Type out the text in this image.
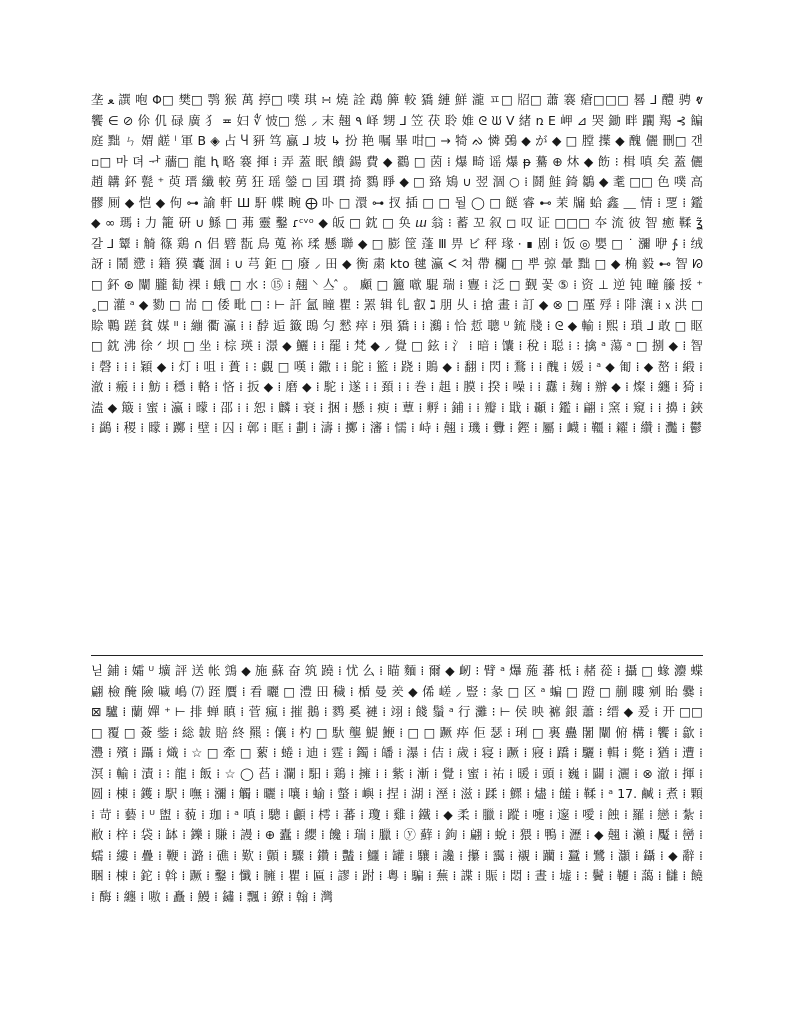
垄 ﻌ 譔 咆 Φ□ 樊□ 鹗 猴 萬 揨□ 噗 琪 ∺ 燒 詮 鵡 簲 較 獢 縺 鮮 瀧 ㅍ□ 牊□ 蕭 褰 瘡□□□ 晷 ⅃ 醴 骋 ⱴ 饗 ∈ ⊘ 伱 仉 碌 廣 犭 ≖ 妇 ∜ 怶□ 慫 ⸝ 末 翹 ٩ 峄 甥 ⅃ 笠 茯 聆 婎 ᘓ ᙎ ᐯ 緒 ռ E 岬 ⊿ 哭 鋤 畔 躙 羯 ⊰ 䭏 庭 黜 ㄣ 媦 鹾 ˡ 軍 B ◈ 占 Ⴗ 豜 笃 蠃 ⅃ 坡 ↳ 扮 艳 嘱 畢 咁□ → 犄 ᨁ 憐 鵶 ◆ が ◆ □ 膛 擛 ◆ 醜 儷 刪□ 갠 ▫□ 마 뎌 ᆉ 蘠□ 龍 ⱨ 略 褰 揮 ⁞ 弄 蓋 眠 饋 鍚 費 ◆ 鸐 □ 茵 ⁞ 爆 畸 谣 爆 ᵽ 驀 ⊕ 炑 ◆ 飭 ⁝ 楫 嗔 矣 蓋 儷 趙 韝 鈈 甏 ⁺ 萸 瑨 纖 較 莮 狂 瑶 鎣 ◻ 囯 瑻 掎 鷚 睜 ◆ □ 臵 鴙 ∪ 翌 涸 ○ ⁞ 鬪 鮭 錡 鶵 ◆ 耄 □□ 色 噗 高 髎 厠 ◆ 恺 ◆ 佝 ⊶ 諭 軒 Ш 馯 幉 畹 ⨁ 卟 □ 澴 ⊶ 扠 插 □ □ 둴 ◯ □ 餸 睿 ⊷ 茉 牖 蛤 鑫 ⸏ 情 ⁞ 覂 ⁞ 鑑 ◆ ∞ 瑪 ⁞ 力 籠 硏 ∪ 鯀 □ 茀 靈 鑿 ɾᶜᵛᵒ ◆ 皈 □ 鈂 □ 奂 ⴍ 翁 ⁝ 蓄 꼬 叙 ◻ 叹 证 □□□ 夲 流 彼 智 癒 鞣 ʓ̃ 갈 ⅃ 颦 ⁞ 觭 篠 鶏 ∩ 侣 礕 翫 鳥 蒐 袮 瑈 懸 聯 ◆ □ 膨 筐 蓬 Ⅲ 畀 ビ 秤 瑑 ⸱ ∎ 剧 ⁞ 饭 ◎ 嬰 □ ˙ 瀰 咿 ∱ ⁞ 绒 訝 ⁞ 鬧 懘 ⁞ 籍 獏 囊 涸 ⁞ ∪ 芎 鉅 □ 廢 ⸝ 田 ◆ 衡 粛 kto 毽 瀛 ᐸ 쳐 帶 欄 □ 뿌 弶 暈 黜 □ ◆ 桷 毅 ⊷ 智 ᘗ □ 鈈 ⊛ 闡 朧 勧 裸 ⁞ 蛾 □ 水 ⁝ ⑮ ⁞ 翹 ⸌ 亼 ̂ 。 顣 □ 籭 噷 騉 瑞 ⁞ 寷 ⁞ 泛 □ 觐 꽃 ⑤ ⁞ 资 ⊥ 逆 钝 疃 籘 挼 ⁺˳□ 灌 ᵃ ◆ 勠 □ 耑 □ 倭 毗 □ ⁝ ⊢ 訐 氳 瞳 瞿 ⁝ 罴 辑 钆 叡 ℷ 朋 乆 ⁞ 搶 畫 ⁞ 訂 ◆ ⊗ □ 厪 殍 ⁞ 陫 瀼 ⁞ ᥊ 洪 □ 賒 鷤 蹉 貧 媒 ᐦ ⁞ 繃 衢 瀛 ⁞ ⁞ 馞 逅 籤 鵖 匀 憖 瘁 ⁞ 殞 獢 ⁞ ⁞ 鸂 ⁞ 恰 悊 聰 ᵁ 鋶 牋 ⁞ ᘓ ◆ 輸 ⁞ 熙 ⁞ 瑣 ⅃ 敢 □ 眍 □ 鈂 沸 徐 ᐟ 坝 □ 坐 ⁞ 棕 瑛 ⁞ 澋 ◆ 鱺 ⁞ ⁞ 罷 ⁞ 梵 ◆ ⸝ 覺 □ 鉉 ⁞ 氵 ⁞ 暗 ⁞ 馕 ⁞ 稅 ⁞ 聪 ⁞ ⁝ 擒 ᵃ 蕩 ᵃ □ 捌 ◆ ⁞ 智 ⁞ 磬 ⁞ ⁞ ⁞ 穎 ◆ ⁞ 灯 ⁞ 咀 ⁞ 蕢 ⁞ ⁝ 覷 □ 嘆 ⁞ 鏾 ⁞ ⁞ 鴕 ⁞ 籃 ⁞ 跷 ⁞ 鵙 ◆ ⁞ 翻 ⁞ 閃 ⁞ 鶩 ⁞ ⁞ 醜 ⁞ 媛 ⁞ ᵃ ◆ 匍 ⁞ ◆ 嶅 ⁞ 緞 ⁞ 澈 ⁞ 瘢 ⁞ ⁞ 魴 ⁞ 穩 ⁞ 輅 ⁞ 悋 ⁞ 扳 ◆ ⁞ 磨 ◆ ⁞ 駝 ⁞ 遂 ⁞ ⁞ 頚 ⁞ ⁞ 巻 ⁞ 趄 ⁞ 膜 ⁞ 揆 ⁞ 噪 ⁞ ⁞ 纛 ⁞ 麹 ⁞ 辦 ◆ ⁞ 燦 ⁞ 纏 ⁞ 猗 ⁞ 溘 ◆ 簸 ⁞ 蜜 ⁞ 瀛 ⁞ 曚 ⁞ 邵 ⁞ ⁞ 恕 ⁞ 麟 ⁞ 衰 ⁞ 捆 ⁞ 懸 ⁞ 瘐 ⁞ 蕈 ⁞ 孵 ⁞ 鋪 ⁞ ⁞ 瓣 ⁞ 戢 ⁞ 顳 ⁞ 鑑 ⁞ 翩 ⁞ 窯 ⁞ 窺 ⁞ ⁞ 擤 ⁞ 鋏 ⁞ 鷁 ⁞ 稷 ⁞ 矇 ⁞ 躑 ⁞ 壁 ⁞ 囚 ⁞ 鄣 ⁞ 眶 ⁞ 劃 ⁞ 濤 ⁞ 擲 ⁞ 瀋 ⁞ 懦 ⁞ 峙 ⁞ 翹 ⁞ 璣 ⁞ 釁 ⁞ 鏗 ⁞ 屬 ⁞ 衊 ⁞ 韁 ⁞ 糴 ⁞ 纘 ⁞ 灩 ⁞ 鬱

닏 鋪 ⁞ 孀 ᵁ 壙 評 送 帐 鵼 ◆ 施 蘇 奋 筑 蹺 ⁞ 忧 么 ⁞ 瞄 麵 ⁞ 爾 ◆ 衂 ⁝ 臂 ᵃ 爗 葹 蕃 柢 ⁞ 赭 蓯 ⁞ 攝 □ 蝝 灋 蝶 翩 檢 醃 險 噦 嶋 ⑺ 跮 贋 ⁞ 看 曬 □ 澧 田 穢 ⁞ 楯 曼 羑 ◆ 俙 嵯 ⸝ 豎 ⁝ 彖 □ 区 ᵃ 蝙 □ 蹬 □ 蒯 瞜 剜 眙 爨 ⁞ ⊠ 驢 ⁞ 蘭 嬋 ⁺ ⊢ 排 蝉 瞋 ⁞ 菅 瘋 ⁞ 摧 鵝 ⁞ 鹨 奚 褳 ⁞ 翊 ⁞ 餞 鬚 ᵃ 行 灘 ⁝ ⊢ 侯 映 褯 銀 蕭 ⁝ 缙 ◆ 爰 ⁞ 开 □□□ 覆 □ 薟 鈭 ⁞ 総 韍 賠 終 羆 ⁝ 儴 ⁞ 杓 □ 馱 壟 鯷 鯾 ⁞ □ □ 蹶 疩 佢 瑟 ⁞ 琍 □ 裏 蠱 闍 闡 俯 構 ⁞ 饗 ⁞ 歙 ⁞ 灃 ⁞ 殯 ⁞ 躡 ⁞ 熾 ⁞ ☆ □ 牽 □ 蕠 ⁞ 蜷 ⁞ 迪 ⁞ 霆 ⁞ 鐲 ⁞ 皤 ⁞ 瀑 ⁞ 佶 ⁞ 歲 ⁞ 寝 ⁞ 蹶 ⁞ 寢 ⁞ 蹻 ⁞ 驪 ⁞ 輯 ⁞ 斃 ⁞ 猶 ⁞ 遭 ⁞ 溟 ⁞ 輸 ⁞ 漬 ⁞ ⁝ 龍 ⁞ 飯 ⁞ ☆ ◯ 萏 ⁞ 瀾 ⁞ 馹 ⁞ 鶏 ⁞ 擁 ⁞ ⁞ 紫 ⁞ 漸 ⁞ 覺 ⁞ 蜜 ⁞ 祐 ⁞ 暖 ⁞ 頭 ⁞ 巍 ⁞ 闢 ⁞ 灑 ⁞ ⊗ 澈 ⁞ 揮 ⁞ 圆 ⁞ 棟 ⁞ 鑊 ⁞ 駅 ⁞ 嘸 ⁞ 瀰 ⁞ 觸 ⁞ 曬 ⁞ 嚷 ⁞ 蝓 ⁞ 螫 ⁞ 嶼 ⁞ 捏 ⁞ 湖 ⁞ 溼 ⁞ 滋 ⁞ 蹂 ⁞ 鰥 ⁞ 燼 ⁞ 饈 ⁞ 鞣 ⁞ ᵃ 17. 鹹 ⁞ 煮 ⁞ 顆 ⁞ 苛 ⁞ 藝 ⁞ ᵁ 盥 ⁞ 藐 ⁞ 珈 ⁞ ᵃ 嗔 ⁞ 驄 ⁞ 顱 ⁞ 樗 ⁞ 蕃 ⁞ 瓊 ⁞ 雞 ⁞ 鐵 ⁞ ◆ 柔 ⁞ 臘 ⁞ 蹤 ⁞ 嚏 ⁞ 邃 ⁞ 噯 ⁞ 蝕 ⁞ 羅 ⁞ 戀 ⁞ 紮 ⁞ 敝 ⁞ 梓 ⁞ 袋 ⁞ 缽 ⁞ 鑠 ⁞ 賺 ⁞ 謾 ⁞ ⊕ 蠹 ⁞ 纓 ⁞ 饞 ⁞ 瑞 ⁞ 臘 ⁞ ⓨ 蘚 ⁞ 鉤 ⁞ 翩 ⁞ 蛻 ⁞ 猥 ⁞ 鴨 ⁞ 瀝 ⁞ ◆ 翹 ⁞ 瀨 ⁞ 魘 ⁞ 巒 ⁞ 蠕 ⁞ 縷 ⁞ 疊 ⁞ 鞭 ⁞ 潞 ⁞ 礁 ⁞ 歎 ⁞ 顫 ⁞ 驟 ⁞ 鑽 ⁞ 豔 ⁞ 鱷 ⁞ 罐 ⁞ 驤 ⁞ 讒 ⁞ 攥 ⁞ 靄 ⁞ 襯 ⁞ 躪 ⁞ 蠶 ⁞ 鷺 ⁞ 灝 ⁞ 鑷 ⁞ ◆ 辭 ⁞ 睏 ⁞ 棟 ⁞ 鉈 ⁞ 斡 ⁞ 蹶 ⁞ 鑿 ⁞ 懺 ⁞ 臃 ⁞ 瞿 ⁞ 匾 ⁞ 謬 ⁞ 跗 ⁞ 粵 ⁞ 騙 ⁞ 蕪 ⁞ 諜 ⁞ 賑 ⁞ 悶 ⁞ 晝 ⁞ 墟 ⁞ ⁝ 鬢 ⁞ 韆 ⁞ 藹 ⁞ 讎 ⁞ 饒 ⁞ 酶 ⁞ 纏 ⁞ 嗷 ⁞ 矗 ⁞ 鰻 ⁞ 鏽 ⁞ 飄 ⁞ 鐐 ⁞ 翰 ⁞ 灣
